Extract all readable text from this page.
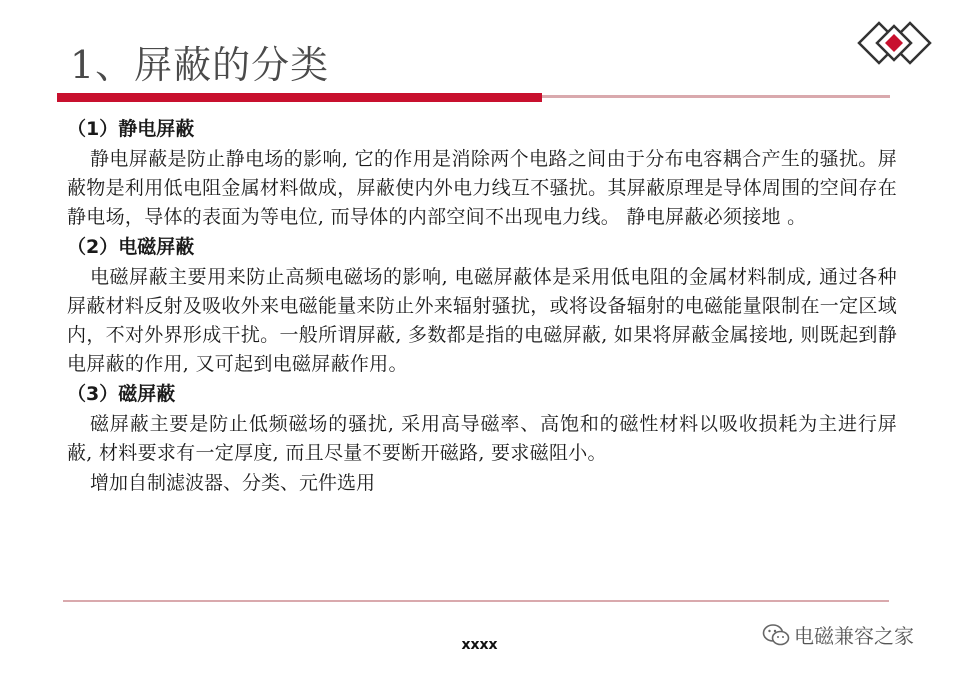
1、屏蔽的分类
（1）静电屏蔽

静电屏蔽是防止静电场的影响, 它的作用是消除两个电路之间由于分布电容耦合产生的骚扰。屏蔽物是利用低电阻金属材料做成，屏蔽使内外电力线互不骚扰。其屏蔽原理是导体周围的空间存在静电场，导体的表面为等电位, 而导体的内部空间不出现电力线。 静电屏蔽必须接地 。

（2）电磁屏蔽

电磁屏蔽主要用来防止高频电磁场的影响, 电磁屏蔽体是采用低电阻的金属材料制成, 通过各种屏蔽材料反射及吸收外来电磁能量来防止外来辐射骚扰，或将设备辐射的电磁能量限制在一定区域内，不对外界形成干扰。一般所谓屏蔽, 多数都是指的电磁屏蔽, 如果将屏蔽金属接地, 则既起到静电屏蔽的作用, 又可起到电磁屏蔽作用。

（3）磁屏蔽

磁屏蔽主要是防止低频磁场的骚扰, 采用高导磁率、高饱和的磁性材料以吸收损耗为主进行屏蔽, 材料要求有一定厚度, 而且尽量不要断开磁路, 要求磁阻小。

增加自制滤波器、分类、元件选用
xxxx	电磁兼容之家
